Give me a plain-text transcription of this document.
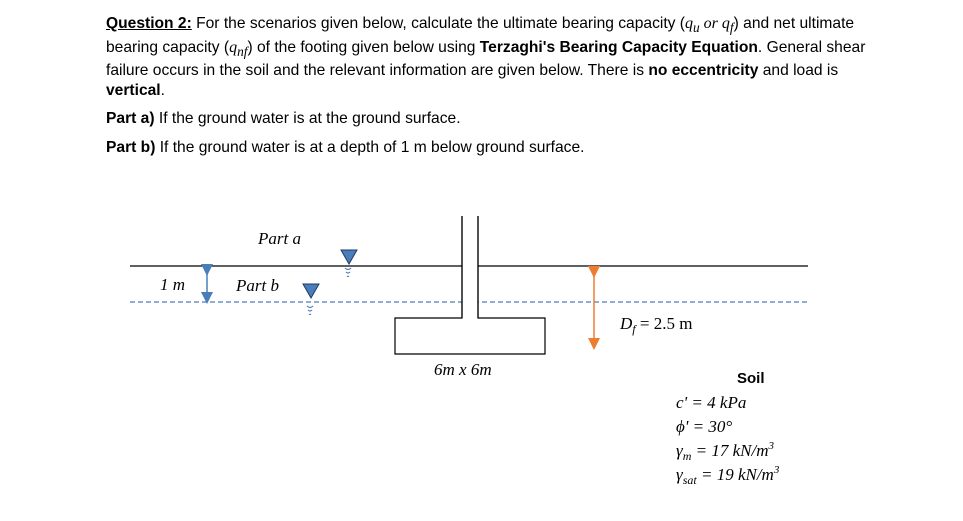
Question 2: For the scenarios given below, calculate the ultimate bearing capacity ($q_u$ or $q_f$) and net ultimate bearing capacity $(q_{nf})$ of the footing given below using Terzaghi's Bearing Capacity Equation. General shear failure occurs in the soil and the relevant information are given below. There is no eccentricity and load is vertical.

Part a) If the ground water is at the ground surface.

Part b) If the ground water is at a depth of 1 m below ground surface.

Part a
Part b
1 m
$D_f = 2.5$ m
6m x 6m	Soil
c' = 4 kPa
ϕ' = 30°
$\gamma_m = 17$ $kN/m^3$
$\gamma_{sat} = 19$ $kN/m^3$
